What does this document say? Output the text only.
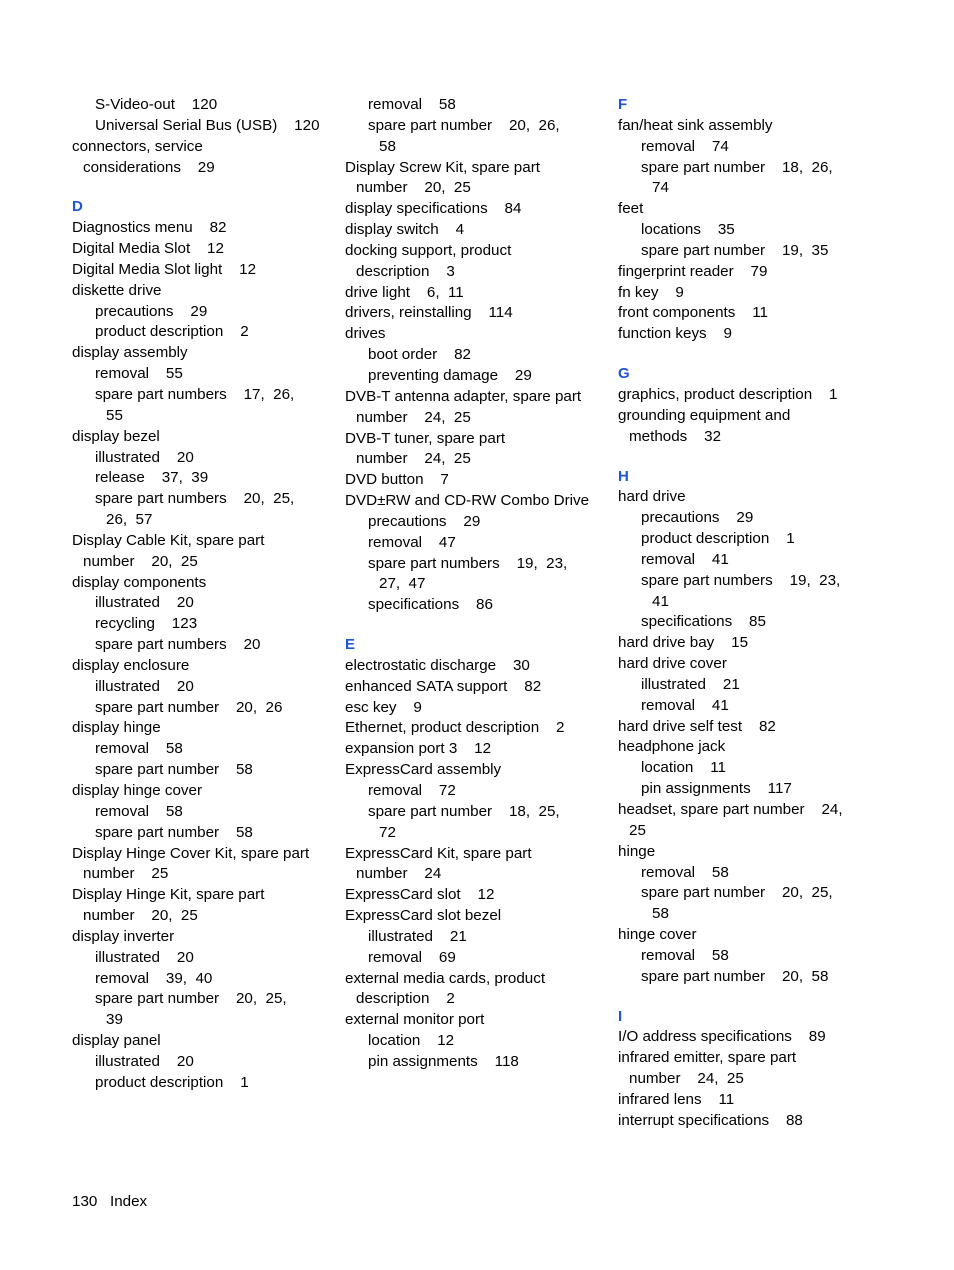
S-Video-out    120
Universal Serial Bus (USB)    120
connectors, service
considerations    29
D
Diagnostics menu    82
Digital Media Slot    12
Digital Media Slot light    12
diskette drive
precautions    29
product description    2
display assembly
removal    55
spare part numbers    17,  26,
55
display bezel
illustrated    20
release    37,  39
spare part numbers    20,  25,
26,  57
Display Cable Kit, spare part
number    20,  25
display components
illustrated    20
recycling    123
spare part numbers    20
display enclosure
illustrated    20
spare part number    20,  26
display hinge
removal    58
spare part number    58
display hinge cover
removal    58
spare part number    58
Display Hinge Cover Kit, spare part
number    25
Display Hinge Kit, spare part
number    20,  25
display inverter
illustrated    20
removal    39,  40
spare part number    20,  25,
39
display panel
illustrated    20
product description    1
removal    58
spare part number    20,  26,
58
Display Screw Kit, spare part
number    20,  25
display specifications    84
display switch    4
docking support, product
description    3
drive light    6,  11
drivers, reinstalling    114
drives
boot order    82
preventing damage    29
DVB-T antenna adapter, spare part
number    24,  25
DVB-T tuner, spare part
number    24,  25
DVD button    7
DVD±RW and CD-RW Combo Drive
precautions    29
removal    47
spare part numbers    19,  23,
27,  47
specifications    86
E
electrostatic discharge    30
enhanced SATA support    82
esc key    9
Ethernet, product description    2
expansion port 3    12
ExpressCard assembly
removal    72
spare part number    18,  25,
72
ExpressCard Kit, spare part
number    24
ExpressCard slot    12
ExpressCard slot bezel
illustrated    21
removal    69
external media cards, product
description    2
external monitor port
location    12
pin assignments    118
F
fan/heat sink assembly
removal    74
spare part number    18,  26,
74
feet
locations    35
spare part number    19,  35
fingerprint reader    79
fn key    9
front components    11
function keys    9
G
graphics, product description    1
grounding equipment and
methods    32
H
hard drive
precautions    29
product description    1
removal    41
spare part numbers    19,  23,
41
specifications    85
hard drive bay    15
hard drive cover
illustrated    21
removal    41
hard drive self test    82
headphone jack
location    11
pin assignments    117
headset, spare part number    24,
25
hinge
removal    58
spare part number    20,  25,
58
hinge cover
removal    58
spare part number    20,  58
I
I/O address specifications    89
infrared emitter, spare part
number    24,  25
infrared lens    11
interrupt specifications    88
130   Index
